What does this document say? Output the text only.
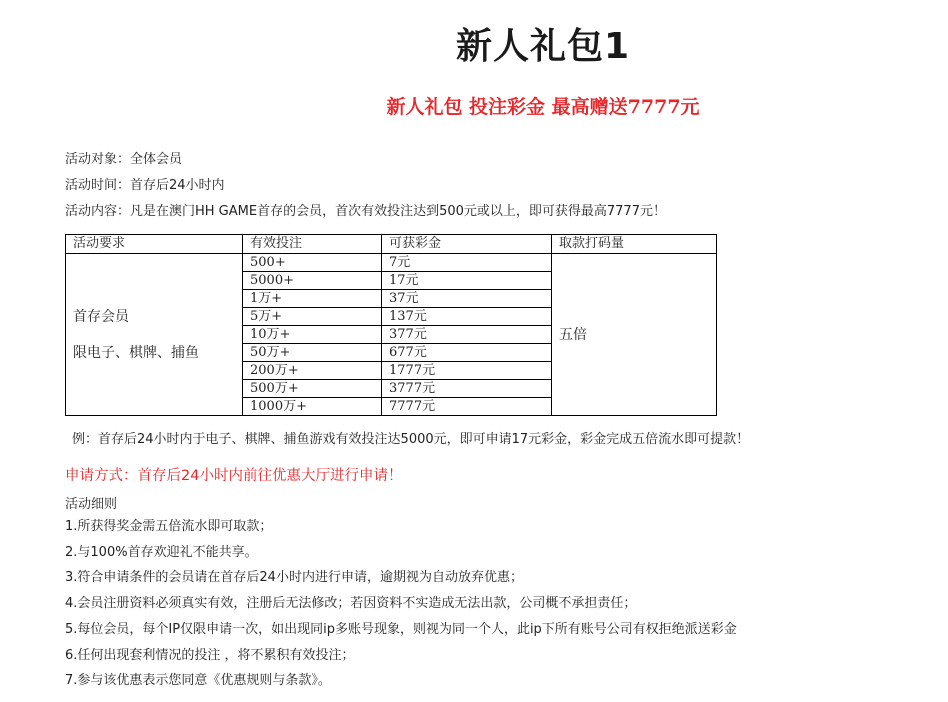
新人礼包1
新人礼包 投注彩金 最高赠送7777元
活动对象：全体会员
活动时间：首存后24小时内
活动内容：凡是在澳门HH GAME首存的会员，首次有效投注达到500元或以上，即可获得最高7777元！
活动要求	有效投注	可获彩金	取款打码量

首存会员
限电子、棋牌、捕鱼	500+	7元	五倍
	5000+	17元	
	1万+	37元	
	5万+	137元	
	10万+	377元	
	50万+	677元	
	200万+	1777元	
	500万+	3777元	
	1000万+	7777元	
例：首存后24小时内于电子、棋牌、捕鱼游戏有效投注达5000元，即可申请17元彩金，彩金完成五倍流水即可提款！
申请方式：首存后24小时内前往优惠大厅进行申请！
活动细则
1.所获得奖金需五倍流水即可取款；
2.与100%首存欢迎礼不能共享。
3.符合申请条件的会员请在首存后24小时内进行申请，逾期视为自动放弃优惠；
4.会员注册资料必须真实有效，注册后无法修改；若因资料不实造成无法出款，公司概不承担责任；
5.每位会员，每个IP仅限申请一次，如出现同ip多账号现象，则视为同一个人，此ip下所有账号公司有权拒绝派送彩金
6.任何出现套利情况的投注 ，将不累积有效投注；
7.参与该优惠表示您同意《优惠规则与条款》。
